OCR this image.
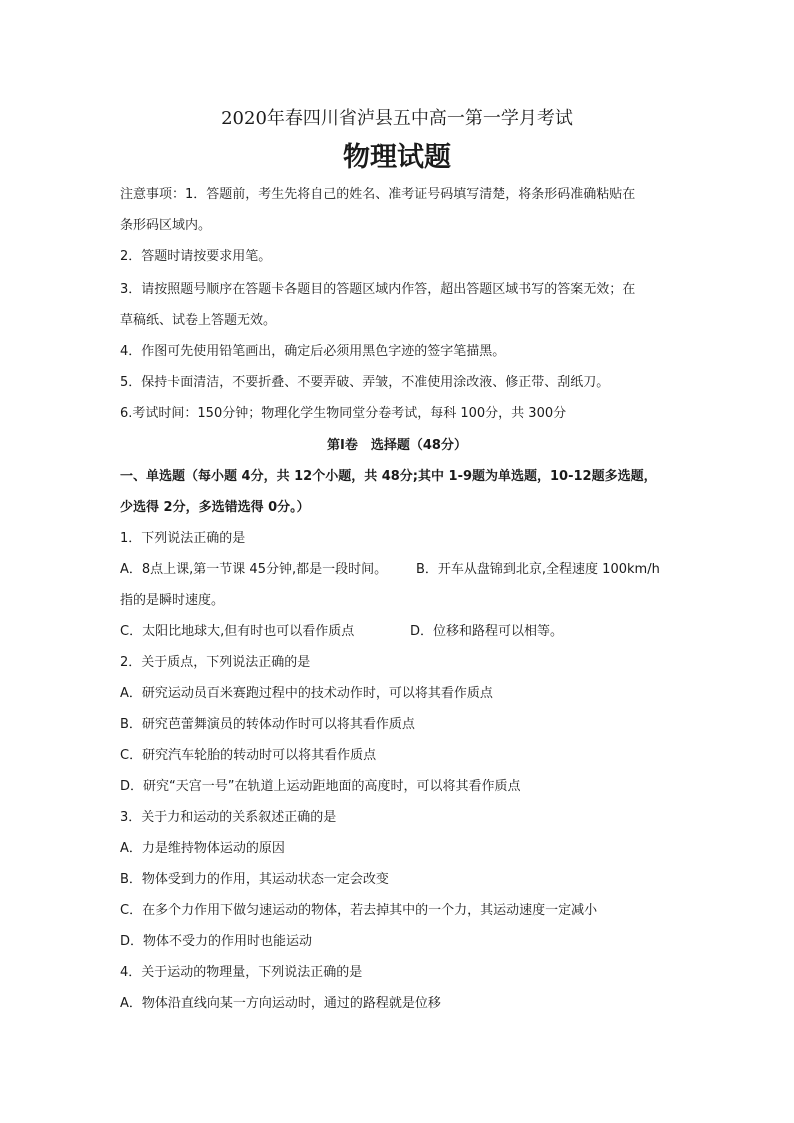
2020年春四川省泸县五中高一第一学月考试
物理试题
注意事项：1．答题前，考生先将自己的姓名、准考证号码填写清楚，将条形码准确粘贴在
条形码区域内。
2．答题时请按要求用笔。
3．请按照题号顺序在答题卡各题目的答题区域内作答，超出答题区域书写的答案无效；在
草稿纸、试卷上答题无效。
4．作图可先使用铅笔画出，确定后必须用黑色字迹的签字笔描黑。
5．保持卡面清洁，不要折叠、不要弄破、弄皱，不准使用涂改液、修正带、刮纸刀。
6.考试时间：150分钟；物理化学生物同堂分卷考试，每科 100分，共 300分
第Ⅰ卷　选择题（48分）
一、单选题（每小题 4分，共 12个小题，共 48分;其中 1-9题为单选题，10-12题多选题，
少选得 2分，多选错选得 0分。）
1．下列说法正确的是
A．8点上课,第一节课 45分钟,都是一段时间。 B．开车从盘锦到北京,全程速度 100km/h
指的是瞬时速度。
C．太阳比地球大,但有时也可以看作质点	D．位移和路程可以相等。
2．关于质点，下列说法正确的是
A．研究运动员百米赛跑过程中的技术动作时，可以将其看作质点
B．研究芭蕾舞演员的转体动作时可以将其看作质点
C．研究汽车轮胎的转动时可以将其看作质点
D．研究“天宫一号”在轨道上运动距地面的高度时，可以将其看作质点
3．关于力和运动的关系叙述正确的是
A．力是维持物体运动的原因
B．物体受到力的作用，其运动状态一定会改变
C．在多个力作用下做匀速运动的物体，若去掉其中的一个力，其运动速度一定减小
D．物体不受力的作用时也能运动
4．关于运动的物理量，下列说法正确的是
A．物体沿直线向某一方向运动时，通过的路程就是位移
